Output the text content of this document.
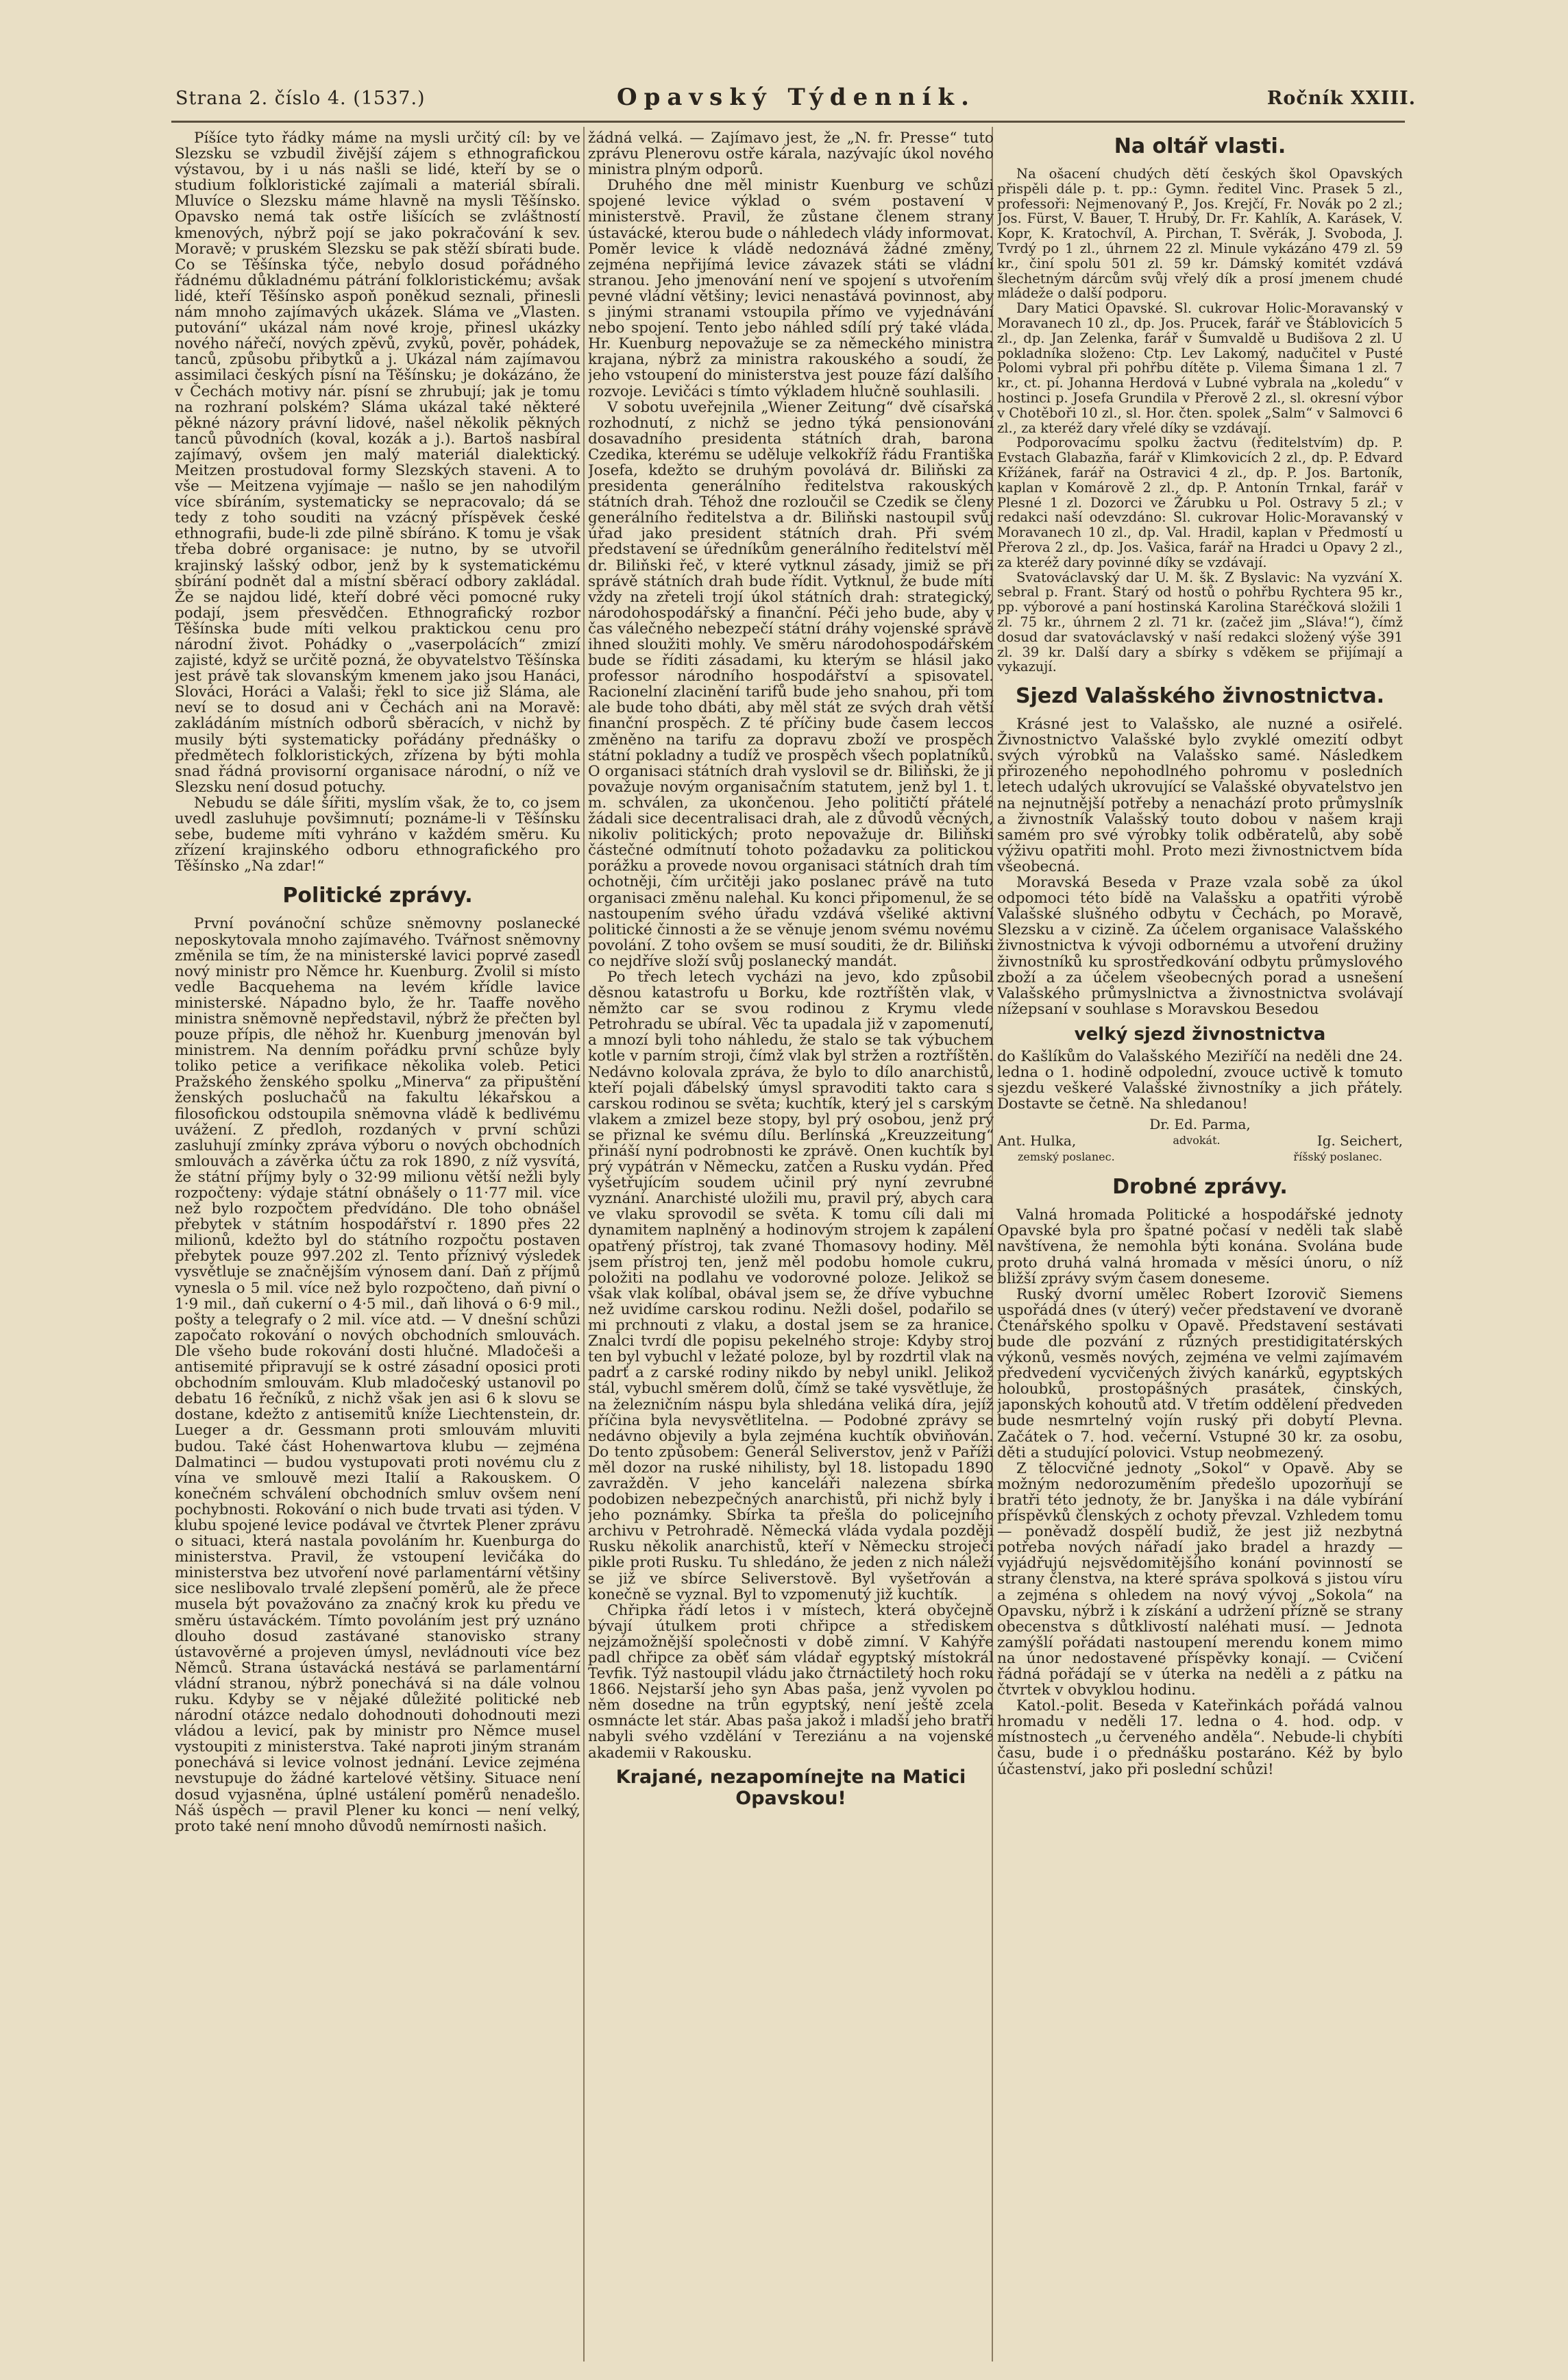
Strana 2. číslo 4. (1537.)	Opavský Týdenník.	Ročník XXIII.

Píšíce tyto řádky máme na mysli určitý cíl: by ve Slezsku se vzbudil živější zájem s ethnografickou výstavou, by i u nás našli se lidé, kteří by se o studium folkloristické zajímali a materiál sbírali. Mluvíce o Slezsku máme hlavně na mysli Těšínsko. Opavsko nemá tak ostře lišících se zvláštností kmenových, nýbrž pojí se jako pokračování k sev. Moravě; v pruském Slezsku se pak stěží sbírati bude. Co se Těšínska týče, nebylo dosud pořádného řádnému důkladnému pátrání folkloristickému; avšak lidé, kteří Těšínsko aspoň poněkud seznali, přinesli nám mnoho zajímavých ukázek. Sláma ve „Vlasten. putování“ ukázal nám nové kroje, přinesl ukázky nového nářečí, nových zpěvů, zvyků, pověr, pohádek, tanců, způsobu přibytků a j. Ukázal nám zajímavou assimilaci českých písní na Těšínsku; je dokázáno, že v Čechách motivy nár. písní se zhrubují; jak je tomu na rozhraní polském? Sláma ukázal také některé pěkné názory právní lidové, našel několik pěkných tanců původních (koval, kozák a j.). Bartoš nasbíral zajímavý, ovšem jen malý materiál dialektický. Meitzen prostudoval formy Slezských staveni. A to vše — Meitzena vyjímaje — našlo se jen nahodilým více sbíráním, systematicky se nepracovalo; dá se tedy z toho souditi na vzácný příspěvek české ethnografii, bude-li zde pilně sbíráno. K tomu je však třeba dobré organisace: je nutno, by se utvořil krajinský lašský odbor, jenž by k systematickému sbírání podnět dal a místní sběrací odbory zakládal. Že se najdou lidé, kteří dobré věci pomocné ruky podají, jsem přesvědčen. Ethnografický rozbor Těšínska bude míti velkou praktickou cenu pro národní život. Pohádky o „vaserpolácích“ zmizí zajisté, když se určitě pozná, že obyvatelstvo Těšínska jest právě tak slovanským kmenem jako jsou Hanáci, Slováci, Horáci a Valaši; řekl to sice již Sláma, ale neví se to dosud ani v Čechách ani na Moravě: zakládáním místních odborů sběracích, v nichž by musily býti systematicky pořádány přednášky o předmětech folkloristických, zřízena by býti mohla snad řádná provisorní organisace národní, o níž ve Slezsku není dosud potuchy.

Nebudu se dále šířiti, myslím však, že to, co jsem uvedl zasluhuje povšimnutí; poznáme-li v Těšínsku sebe, budeme míti vyhráno v každém směru. Ku zřízení krajinského odboru ethnografického pro Těšínsko „Na zdar!“

Politické zprávy.

První povánoční schůze sněmovny poslanecké neposkytovala mnoho zajímavého. Tvářnost sněmovny změnila se tím, že na ministerské lavici poprvé zasedl nový ministr pro Němce hr. Kuenburg. Zvolil si místo vedle Bacquehema na levém křídle lavice ministerské. Nápadno bylo, že hr. Taaffe nověho ministra sněmovně nepředstavil, nýbrž že přečten byl pouze přípis, dle něhož hr. Kuenburg jmenován byl ministrem. Na denním pořádku první schůze byly toliko petice a verifikace několika voleb. Petici Pražského ženského spolku „Minerva“ za připuštění ženských posluchačů na fakultu lékařskou a filosofickou odstoupila sněmovna vládě k bedlivému uvážení. Z předloh, rozdaných v první schůzi zasluhují zmínky zpráva výboru o nových obchodních smlouvách a závěrka účtu za rok 1890, z níž vysvítá, že státní příjmy byly o 32·99 milionu větší nežli byly rozpočteny: výdaje státní obnášely o 11·77 mil. více než bylo rozpočtem předvídáno. Dle toho obnášel přebytek v státním hospodářství r. 1890 přes 22 milionů, kdežto byl do státního rozpočtu postaven přebytek pouze 997.202 zl. Tento příznivý výsledek vysvětluje se značnějším výnosem daní. Daň z příjmů vynesla o 5 mil. více než bylo rozpočteno, daň pivní o 1·9 mil., daň cukerní o 4·5 mil., daň lihová o 6·9 mil., pošty a telegrafy o 2 mil. více atd. — V dnešní schůzi započato rokování o nových obchodních smlouvách. Dle všeho bude rokování dosti hlučné. Mladočeši a antisemité připravují se k ostré zásadní oposici proti obchodním smlouvám. Klub mladočeský ustanovil po debatu 16 řečníků, z nichž však jen asi 6 k slovu se dostane, kdežto z antisemitů kníže Liechtenstein, dr. Lueger a dr. Gessmann proti smlouvám mluviti budou. Také část Hohenwartova klubu — zejména Dalmatinci — budou vystupovati proti novému clu z vína ve smlouvě mezi Italií a Rakouskem. O konečném schválení obchodních smluv ovšem není pochybnosti. Rokování o nich bude trvati asi týden. V klubu spojené levice podával ve čtvrtek Plener zprávu o situaci, která nastala povoláním hr. Kuenburga do ministerstva. Pravil, že vstoupení levičáka do ministerstva bez utvoření nové parlamentární většiny sice neslibovalo trvalé zlepšení poměrů, ale že přece musela být považováno za značný krok ku předu ve směru ústaváckém. Tímto povoláním jest prý uznáno dlouho dosud zastávané stanovisko strany ústavověrné a projeven úmysl, nevládnouti více bez Němců. Strana ústavácká nestává se parlamentární vládní stranou, nýbrž ponechává si na dále volnou ruku. Kdyby se v nějaké důležité politické neb národní otázce nedalo dohodnouti dohodnouti mezi vládou a levicí, pak by ministr pro Němce musel vystoupiti z ministerstva. Také naproti jiným stranám ponechává si levice volnost jednání. Levice zejména nevstupuje do žádné kartelové většiny. Situace není dosud vyjasněna, úplné ustálení poměrů nenadešlo. Náš úspěch — pravil Plener ku konci — není velký, proto také není mnoho důvodů nemírnosti našich.

žádná velká. — Zajímavo jest, že „N. fr. Presse“ tuto zprávu Plenerovu ostře kárala, nazývajíc úkol nového ministra plným odporů.

Druhého dne měl ministr Kuenburg ve schůzi spojené levice výklad o svém postavení v ministerstvě. Pravil, že zůstane členem strany ústavácké, kterou bude o náhledech vlády informovat. Poměr levice k vládě nedoznává žádné změny, zejména nepřijímá levice závazek státi se vládní stranou. Jeho jmenování není ve spojení s utvořením pevné vládní většiny; levici nenastává povinnost, aby s jinými stranami vstoupila přímo ve vyjednávání nebo spojení. Tento jebo náhled sdílí prý také vláda. Hr. Kuenburg nepovažuje se za německého ministra krajana, nýbrž za ministra rakouského a soudí, že jeho vstoupení do ministerstva jest pouze fází dalšího rozvoje. Levičáci s tímto výkladem hlučně souhlasili.

V sobotu uveřejnila „Wiener Zeitung“ dvě císařská rozhodnutí, z nichž se jedno týká pensionování dosavadního presidenta státních drah, barona Czedika, kterému se uděluje velkokříž řádu Františka Josefa, kdežto se druhým povolává dr. Biliňski za presidenta generálního ředitelstva rakouských státních drah. Téhož dne rozloučil se Czedik se členy generálního ředitelstva a dr. Biliňski nastoupil svůj úřad jako president státních drah. Při svém představení se úředníkům generálního ředitelství měl dr. Biliňski řeč, v které vytknul zásady, jimiž se při správě státních drah bude řídit. Vytknul, že bude míti vždy na zřeteli trojí úkol státních drah: strategický, národohospodářský a finanční. Péči jeho bude, aby v čas válečného nebezpečí státní dráhy vojenské správě ihned sloužiti mohly. Ve směru národohospodářském bude se říditi zásadami, ku kterým se hlásil jako professor národního hospodářství a spisovatel. Racionelní zlacinění tarifů bude jeho snahou, při tom ale bude toho dbáti, aby měl stát ze svých drah větší finanční prospěch. Z té příčiny bude časem leccos změněno na tarifu za dopravu zboží ve prospěch státní pokladny a tudíž ve prospěch všech poplatníků. O organisaci státních drah vyslovil se dr. Biliňski, že ji považuje novým organisačním statutem, jenž byl 1. t. m. schválen, za ukončenou. Jeho političtí přátelé žádali sice decentralisaci drah, ale z důvodů věcných, nikoliv politických; proto nepovažuje dr. Biliňski částečné odmítnutí tohoto požadavku za politickou porážku a provede novou organisaci státních drah tím ochotněji, čím určitěji jako poslanec právě na tuto organisaci změnu nalehal. Ku konci připomenul, že se nastoupením svého úřadu vzdává všeliké aktivní politické činnosti a že se věnuje jenom svému novému povolání. Z toho ovšem se musí souditi, že dr. Biliňski co nejdříve složí svůj poslanecký mandát.

Po třech letech vycházi na jevo, kdo způsobil děsnou katastrofu u Borku, kde roztříštěn vlak, v němžto car se svou rodinou z Krymu vlede Petrohradu se ubíral. Věc ta upadala již v zapomenutí, a mnozí byli toho náhledu, že stalo se tak výbuchem kotle v parním stroji, čímž vlak byl stržen a roztříštěn. Nedávno kolovala zpráva, že bylo to dílo anarchistů, kteří pojali ďábelský úmysl spravoditi takto cara s carskou rodinou se světa; kuchtík, který jel s carským vlakem a zmizel beze stopy, byl prý osobou, jenž prý se přiznal ke svému dílu. Berlínská „Kreuzzeitung“ přináší nyní podrobnosti ke zprávě. Onen kuchtík byl prý vypátrán v Německu, zatčen a Rusku vydán. Před vyšetřujícím soudem učinil prý nyní zevrubné vyznání. Anarchisté uložili mu, pravil prý, abych cara ve vlaku sprovodil se světa. K tomu cíli dali mi dynamitem naplněný a hodinovým strojem k zapálení opatřený přístroj, tak zvané Thomasovy hodiny. Měl jsem přístroj ten, jenž měl podobu homole cukru, položiti na podlahu ve vodorovné poloze. Jelikož se však vlak kolíbal, obával jsem se, že dříve vybuchne než uvidíme carskou rodinu. Nežli došel, podařilo se mi prchnouti z vlaku, a dostal jsem se za hranice. Znalci tvrdí dle popisu pekelného stroje: Kdyby stroj ten byl vybuchl v ležaté poloze, byl by rozdrtil vlak na padrť a z carské rodiny nikdo by nebyl unikl. Jelikož stál, vybuchl směrem dolů, čímž se také vysvětluje, že na železničním náspu byla shledána veliká díra, jejíž příčina byla nevysvětlitelna. — Podobné zprávy se nedávno objevily a byla zejména kuchtík obviňován. Do tento způsobem: Generál Seliverstov, jenž v Paříži měl dozor na ruské nihilisty, byl 18. listopadu 1890 zavražděn. V jeho kanceláři nalezena sbírka podobizen nebezpečných anarchistů, při nichž byly i jeho poznámky. Sbírka ta přešla do policejního archivu v Petrohradě. Německá vláda vydala později Rusku několik anarchistů, kteří v Německu stroječi pikle proti Rusku. Tu shledáno, že jeden z nich náleží se již ve sbírce Seliverstově. Byl vyšetřován a konečně se vyznal. Byl to vzpomenutý již kuchtík.

Chřipka řádí letos i v místech, která obyčejně bývají útulkem proti chřipce a střediskem nejzámožnější společnosti v době zimní. V Kahýře padl chřipce za oběť sám vládař egyptský místokrál Tevfik. Týž nastoupil vládu jako čtrnáctiletý hoch roku 1866. Nejstarší jeho syn Abas paša, jenž vyvolen po něm dosedne na trůn egyptský, není ještě zcela osmnácte let stár. Abas paša jakož i mladší jeho bratři nabyli svého vzdělání v Tereziánu a na vojenské akademii v Rakousku.

Krajané, nezapomínejte na Matici Opavskou!
Na oltář vlasti.

Na ošacení chudých dětí českých škol Opavských přispěli dále p. t. pp.: Gymn. ředitel Vinc. Prasek 5 zl., professoři: Nejmenovaný P., Jos. Krejčí, Fr. Novák po 2 zl.; Jos. Fürst, V. Bauer, T. Hrubý, Dr. Fr. Kahlík, A. Karásek, V. Kopr, K. Kratochvíl, A. Pirchan, T. Svěrák, J. Svoboda, J. Tvrdý po 1 zl., úhrnem 22 zl. Minule vykázáno 479 zl. 59 kr., činí spolu 501 zl. 59 kr. Dámský komitét vzdává šlechetným dárcům svůj vřelý dík a prosí jmenem chudé mládeže o další podporu.

Dary Matici Opavské. Sl. cukrovar Holic-Moravanský v Moravanech 10 zl., dp. Jos. Prucek, farář ve Štáblovicích 5 zl., dp. Jan Zelenka, farář v Šumvaldě u Budišova 2 zl. U pokladníka složeno: Ctp. Lev Lakomý, nadučitel v Pusté Polomi vybral při pohřbu dítěte p. Vilema Šimana 1 zl. 7 kr., ct. pí. Johanna Herdová v Lubné vybrala na „koledu“ v hostinci p. Josefa Grundila v Přerově 2 zl., sl. okresní výbor v Chotěboři 10 zl., sl. Hor. čten. spolek „Salm“ v Salmovci 6 zl., za kteréž dary vřelé díky se vzdávají.

Podporovacímu spolku žactvu (ředitelstvím) dp. P. Evstach Glabazňa, farář v Klimkovicích 2 zl., dp. P. Edvard Křížánek, farář na Ostravici 4 zl., dp. P. Jos. Bartoník, kaplan v Komárově 2 zl., dp. P. Antonín Trnkal, farář v Plesné 1 zl. Dozorci ve Žárubku u Pol. Ostravy 5 zl.; v redakci naší odevzdáno: Sl. cukrovar Holic-Moravanský v Moravanech 10 zl., dp. Val. Hradil, kaplan v Předmostí u Přerova 2 zl., dp. Jos. Vašica, farář na Hradci u Opavy 2 zl., za kteréž dary povinné díky se vzdávají.

Svatováclavský dar U. M. šk. Z Byslavic: Na vyzvání X. sebral p. Frant. Starý od hostů o pohřbu Rychtera 95 kr., pp. výborové a paní hostinská Karolina Staréčková složili 1 zl. 75 kr., úhrnem 2 zl. 71 kr. (začež jim „Sláva!“), čímž dosud dar svatováclavský v naší redakci složený výše 391 zl. 39 kr. Další dary a sbírky s vděkem se přijímají a vykazují.

Sjezd Valašského živnostnictva.

Krásné jest to Valašsko, ale nuzné a osiřelé. Živnostnictvo Valašské bylo zvyklé omezití odbyt svých výrobků na Valašsko samé. Následkem přirozeného nepohodlného pohromu v posledních letech udalých ukrovující se Valašské obyvatelstvo jen na nejnutnější potřeby a nenachází proto průmyslník a živnostník Valašský touto dobou v našem kraji samém pro své výrobky tolik odběratelů, aby sobě výživu opatřiti mohl. Proto mezi živnostnictvem bída všeobecná.

Moravská Beseda v Praze vzala sobě za úkol odpomoci této bídě na Valašsku a opatřiti výrobě Valašské slušného odbytu v Čechách, po Moravě, Slezsku a v cizině. Za účelem organisace Valašského živnostnictva k vývoji odbornému a utvoření družiny živnostníků ku sprostředkování odbytu průmyslového zboží a za účelem všeobecných porad a usnešení Valašského průmyslnictva a živnostnictva svolávají nížepsaní v souhlase s Moravskou Besedou

velký sjezd živnostnictva

do Kašlíkům do Valašského Meziříčí na neděli dne 24. ledna o 1. hodině odpolední, zvouce uctivě k tomuto sjezdu veškeré Valašské živnostníky a jich přátely. Dostavte se četně. Na shledanou!

Dr. Ed. Parma,
Ant. Hulka,	advokát.	Ig. Seichert,
zemský poslanec.	říšský poslanec.
Drobné zprávy.

Valná hromada Politické a hospodářské jednoty Opavské byla pro špatné počasí v neděli tak slabě navštívena, že nemohla býti konána. Svolána bude proto druhá valná hromada v měsíci únoru, o níž bližší zprávy svým časem doneseme.

Ruský dvorní umělec Robert Izorovič Siemens uspořádá dnes (v úterý) večer představení ve dvoraně Čtenářského spolku v Opavě. Představení sestávati bude dle pozvání z různých prestidigitatérských výkonů, vesměs nových, zejména ve velmi zajímavém předvedení vycvičených živých kanárků, egyptských holoubků, prostopášných prasátek, činských, japonských kohoutů atd. V třetím oddělení předveden bude nesmrtelný vojín ruský při dobytí Plevna. Začátek o 7. hod. večerní. Vstupné 30 kr. za osobu, děti a studující polovici. Vstup neobmezený.

Z tělocvičné jednoty „Sokol“ v Opavě. Aby se možným nedorozuměním předešlo upozorňují se bratři této jednoty, že br. Janyška i na dále vybírání příspěvků členských z ochoty převzal. Vzhledem tomu — poněvadž dospělí budiž, že jest již nezbytná potřeba nových nářadí jako bradel a hrazdy — vyjádřujú nejsvědomitějšího konání povinností se strany členstva, na které správa spolková s jistou víru a zejména s ohledem na nový vývoj „Sokola“ na Opavsku, nýbrž i k získání a udržení přízně se strany obecenstva s důtklivostí naléhati musí. — Jednota zamýšlí pořádati nastoupení merendu konem mimo na únor nedostavené příspěvky konají. — Cvičení řádná pořádají se v úterka na neděli a z pátku na čtvrtek v obvyklou hodinu.

Katol.-polit. Beseda v Kateřinkách pořádá valnou hromadu v neděli 17. ledna o 4. hod. odp. v místnostech „u červeného anděla“. Nebude-li chybíti času, bude i o přednášku postaráno. Kéž by bylo účastenství, jako při poslední schůzi!
